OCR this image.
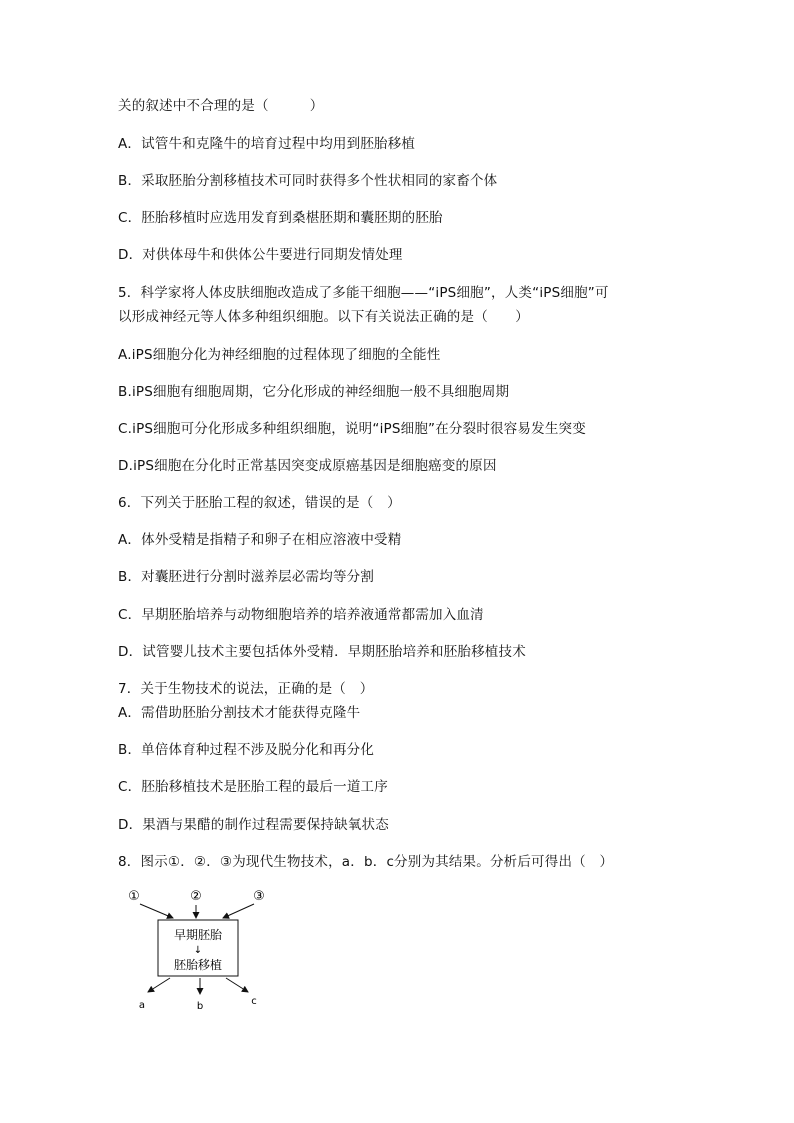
关的叙述中不合理的是（　　　）
A．试管牛和克隆牛的培育过程中均用到胚胎移植
B．采取胚胎分割移植技术可同时获得多个性状相同的家畜个体
C．胚胎移植时应选用发育到桑椹胚期和囊胚期的胚胎
D．对供体母牛和供体公牛要进行同期发情处理
5．科学家将人体皮肤细胞改造成了多能干细胞——“iPS细胞”，人类“iPS细胞”可
以形成神经元等人体多种组织细胞。以下有关说法正确的是（　　）
A.iPS细胞分化为神经细胞的过程体现了细胞的全能性
B.iPS细胞有细胞周期，它分化形成的神经细胞一般不具细胞周期
C.iPS细胞可分化形成多种组织细胞，说明“iPS细胞”在分裂时很容易发生突变
D.iPS细胞在分化时正常基因突变成原癌基因是细胞癌变的原因
6．下列关于胚胎工程的叙述，错误的是（　）
A．体外受精是指精子和卵子在相应溶液中受精
B．对囊胚进行分割时滋养层必需均等分割
C．早期胚胎培养与动物细胞培养的培养液通常都需加入血清
D．试管婴儿技术主要包括体外受精．早期胚胎培养和胚胎移植技术
7．关于生物技术的说法，正确的是（　）
A．需借助胚胎分割技术才能获得克隆牛
B．单倍体育种过程不涉及脱分化和再分化
C．胚胎移植技术是胚胎工程的最后一道工序
D．果酒与果醋的制作过程需要保持缺氧状态
8．图示①．②．③为现代生物技术，a．b．c分别为其结果。分析后可得出（　）
①	②	③
早期胚胎
↓
胚胎移植
a	b	c
